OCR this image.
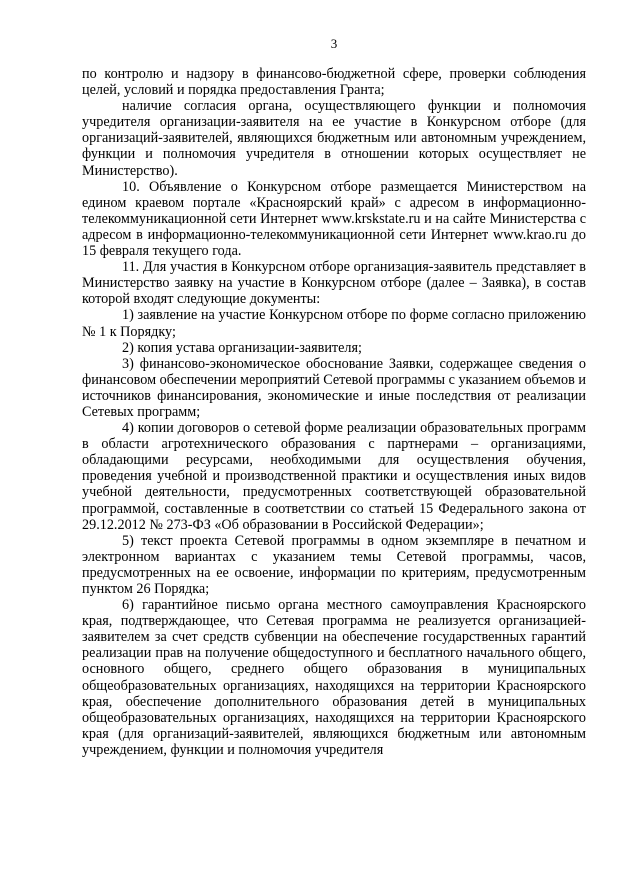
3

по контролю и надзору в финансово-бюджетной сфере, проверки соблюдения целей, условий и порядка предоставления Гранта;

наличие согласия органа, осуществляющего функции и полномочия учредителя организации-заявителя на ее участие в Конкурсном отборе (для организаций-заявителей, являющихся бюджетным или автономным учреждением, функции и полномочия учредителя в отношении которых осуществляет не Министерство).

10. Объявление о Конкурсном отборе размещается Министерством на едином краевом портале «Красноярский край» с адресом в информационно-телекоммуникационной сети Интернет www.krskstate.ru и на сайте Министерства с адресом в информационно-телекоммуникационной сети Интернет www.krao.ru до 15 февраля текущего года.

11. Для участия в Конкурсном отборе организация-заявитель представляет в Министерство заявку на участие в Конкурсном отборе (далее – Заявка), в состав которой входят следующие документы:

1) заявление на участие Конкурсном отборе по форме согласно приложению № 1 к Порядку;

2) копия устава организации-заявителя;

3) финансово-экономическое обоснование Заявки, содержащее сведения о финансовом обеспечении мероприятий Сетевой программы с указанием объемов и источников финансирования, экономические и иные последствия от реализации Сетевых программ;

4) копии договоров о сетевой форме реализации образовательных программ в области агротехнического образования с партнерами – организациями, обладающими ресурсами, необходимыми для осуществления обучения, проведения учебной и производственной практики и осуществления иных видов учебной деятельности, предусмотренных соответствующей образовательной программой, составленные в соответствии со статьей 15 Федерального закона от 29.12.2012 № 273-ФЗ «Об образовании в Российской Федерации»;

5) текст проекта Сетевой программы в одном экземпляре в печатном и электронном вариантах с указанием темы Сетевой программы, часов, предусмотренных на ее освоение, информации по критериям, предусмотренным пунктом 26 Порядка;

6) гарантийное письмо органа местного самоуправления Красноярского края, подтверждающее, что Сетевая программа не реализуется организацией-заявителем за счет средств субвенции на обеспечение государственных гарантий реализации прав на получение общедоступного и бесплатного начального общего, основного общего, среднего общего образования в муниципальных общеобразовательных организациях, находящихся на территории Красноярского края, обеспечение дополнительного образования детей в муниципальных общеобразовательных организациях, находящихся на территории Красноярского края (для организаций-заявителей, являющихся бюджетным или автономным учреждением, функции и полномочия учредителя
